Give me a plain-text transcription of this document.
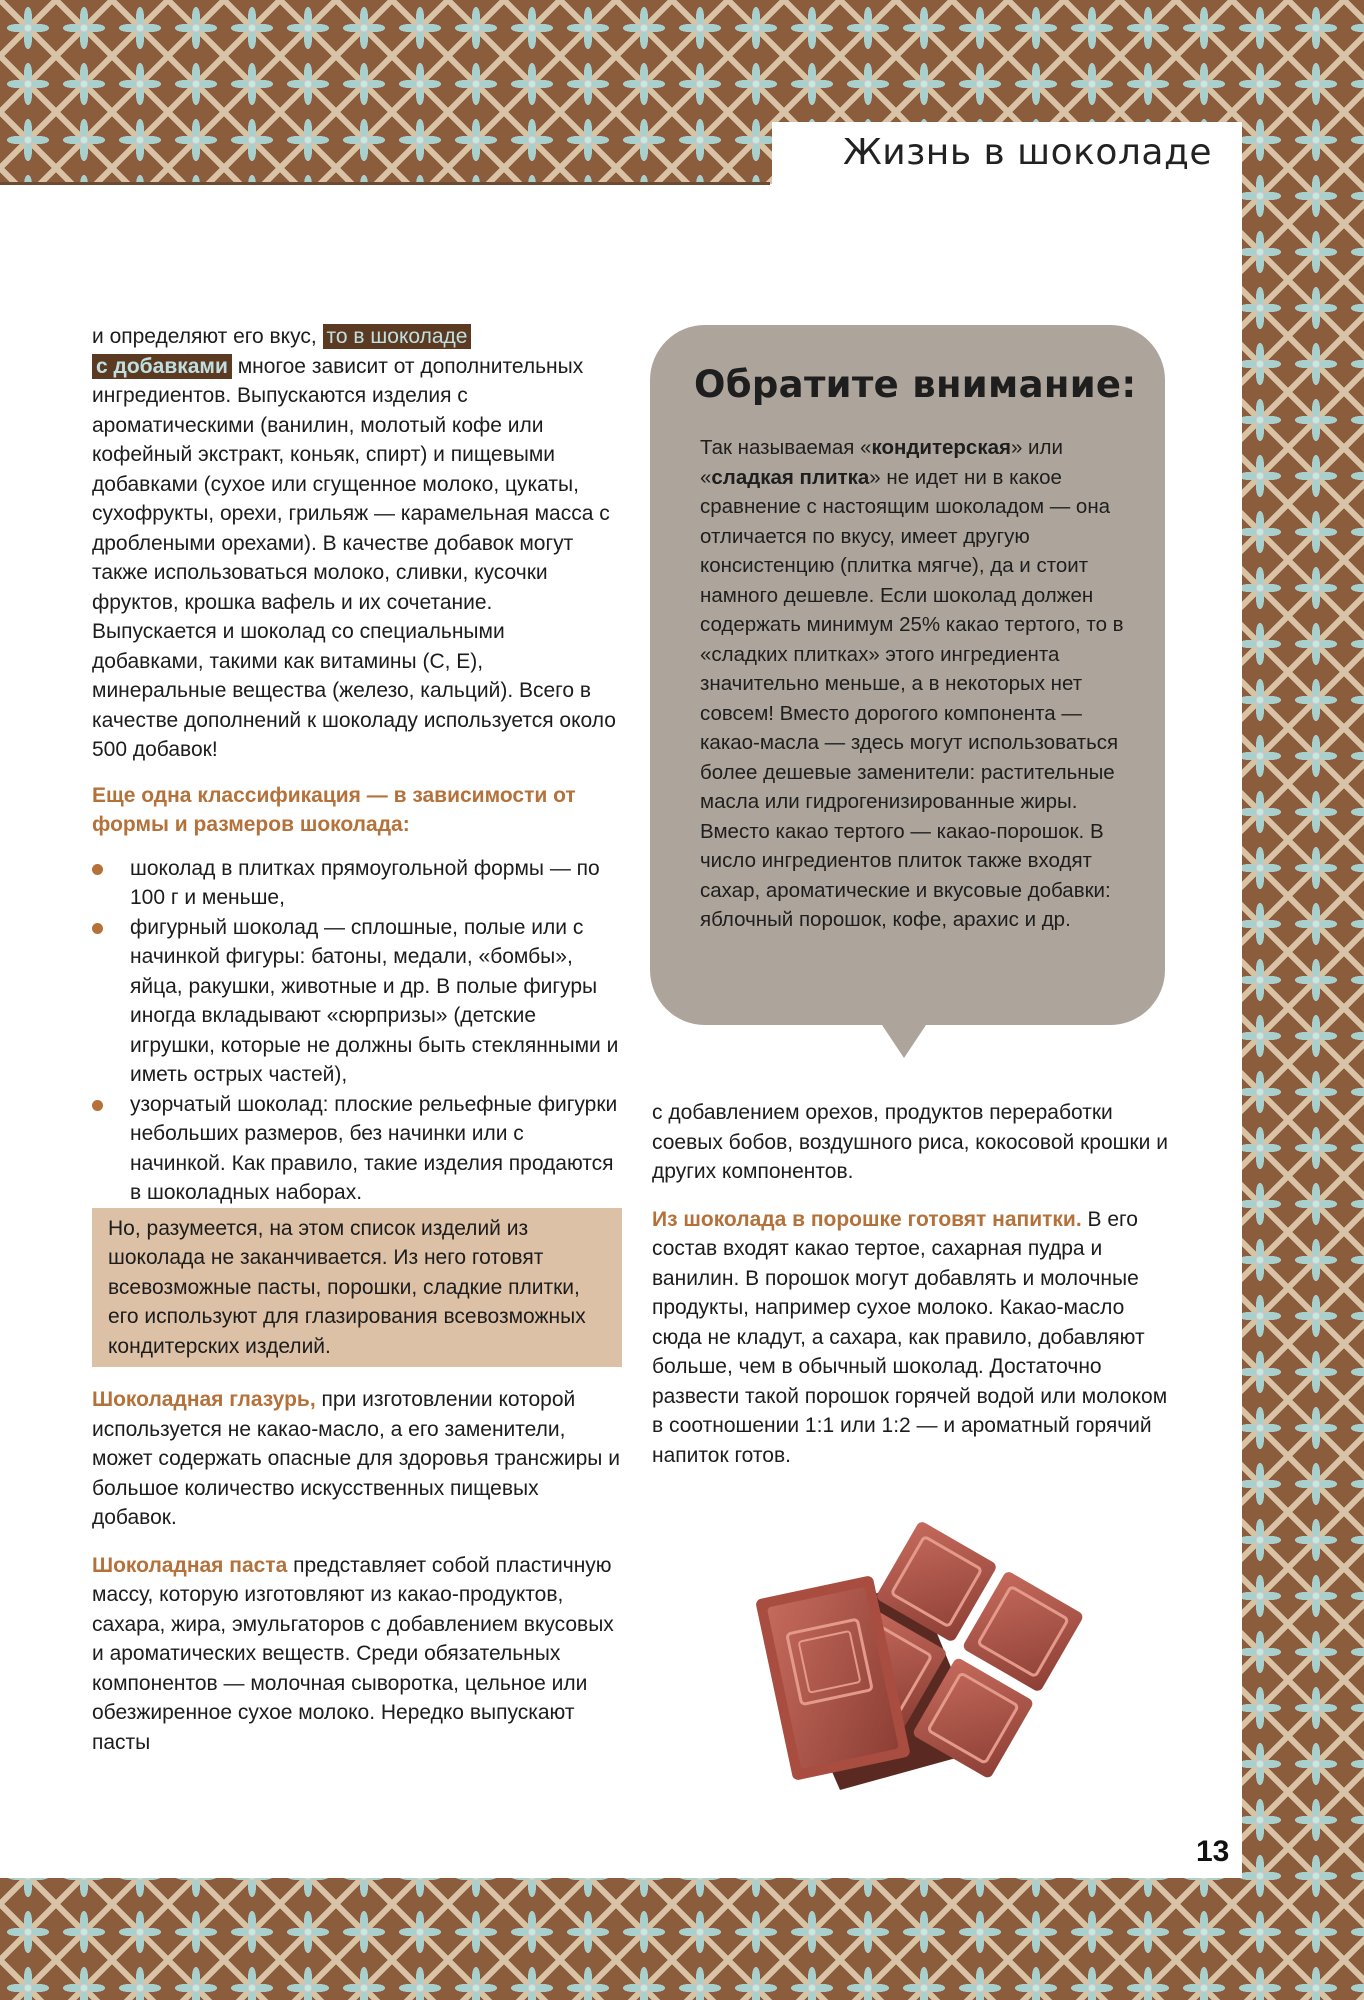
Жизнь в шоколаде

и определяют его вкус, то в шоколаде
с добавками многое зависит от дополнительных ингредиентов. Выпускаются изделия с ароматическими (ванилин, молотый кофе или кофейный экстракт, коньяк, спирт) и пищевыми добавками (сухое или сгущенное молоко, цукаты, сухофрукты, орехи, грильяж — карамельная масса с дроблеными орехами). В качестве добавок могут также использоваться молоко, сливки, кусочки фруктов, крошка вафель и их сочетание. Выпускается и шоколад со специальными добавками, такими как витамины (С, Е), минеральные вещества (железо, кальций). Всего в качестве дополнений к шоколаду используется около 500 добавок!

Еще одна классификация — в зависимости от формы и размеров шоколада:

шоколад в плитках прямоугольной формы — по 100 г и меньше,
фигурный шоколад — сплошные, полые или с начинкой фигуры: батоны, медали, «бомбы», яйца, ракушки, животные и др. В полые фигуры иногда вкладывают «сюрпризы» (детские игрушки, которые не должны быть стеклянными и иметь острых частей),
узорчатый шоколад: плоские рельефные фигурки небольших размеров, без начинки или с начинкой. Как правило, такие изделия продаются в шоколадных наборах.

Но, разумеется, на этом список изделий из шоколада не заканчивается. Из него готовят всевозможные пасты, порошки, сладкие плитки, его используют для глазирования всевозможных кондитерских изделий.

Шоколадная глазурь, при изготовлении которой используется не какао-масло, а его заменители, может содержать опасные для здоровья трансжиры и большое количество искусственных пищевых добавок.

Шоколадная паста представляет собой пластичную массу, которую изготовляют из какао-продуктов, сахара, жира, эмульгаторов с добавлением вкусовых и ароматических веществ. Среди обязательных компонентов — молочная сыворотка, цельное или обезжиренное сухое молоко. Нередко выпускают пасты

Обратите внимание:
Так называемая «кондитерская» или «сладкая плитка» не идет ни в какое сравнение с настоящим шоколадом — она отличается по вкусу, имеет другую консистенцию (плитка мягче), да и стоит намного дешевле. Если шоколад должен содержать минимум 25% какао тертого, то в «сладких плитках» этого ингредиента значительно меньше, а в некоторых нет совсем! Вместо дорогого компонента — какао-масла — здесь могут использоваться более дешевые заменители: растительные масла или гидрогенизированные жиры. Вместо какао тертого — какао-порошок. В число ингредиентов плиток также входят сахар, ароматические и вкусовые добавки: яблочный порошок, кофе, арахис и др.

с добавлением орехов, продуктов переработки соевых бобов, воздушного риса, кокосовой крошки и других компонентов.

Из шоколада в порошке готовят напитки. В его состав входят какао тертое, сахарная пудра и ванилин. В порошок могут добавлять и молочные продукты, например сухое молоко. Какао-масло сюда не кладут, а сахара, как правило, добавляют больше, чем в обычный шоколад. Достаточно развести такой порошок горячей водой или молоком в соотношении 1:1 или 1:2 — и ароматный горячий напиток готов.

13
